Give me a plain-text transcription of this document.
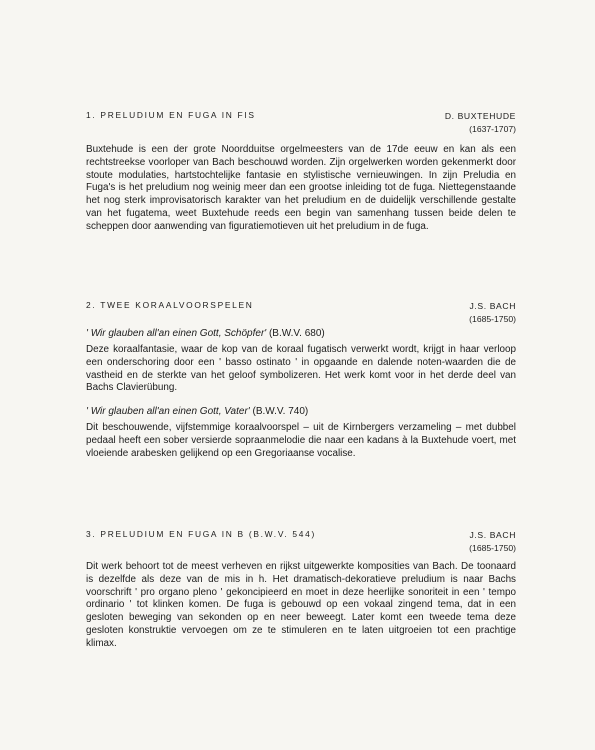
1. PRELUDIUM EN FUGA IN FIS	D. BUXTEHUDE
(1637-1707)

Buxtehude is een der grote Noordduitse orgelmeesters van de 17de eeuw en kan als een rechtstreekse voorloper van Bach beschouwd worden. Zijn orgelwerken worden gekenmerkt door stoute modulaties, hartstochtelijke fantasie en stylistische vernieuwingen. In zijn Preludia en Fuga's is het preludium nog weinig meer dan een grootse inleiding tot de fuga. Niettegenstaande het nog sterk improvisatorisch karakter van het preludium en de duidelijk verschillende gestalte van het fugatema, weet Buxtehude reeds een begin van samenhang tussen beide delen te scheppen door aanwending van figuratiemotieven uit het preludium in de fuga.

2. TWEE KORAALVOORSPELEN	J.S. BACH
(1685-1750)
' Wir glauben all'an einen Gott, Schöpfer' (B.W.V. 680)

Deze koraalfantasie, waar de kop van de koraal fugatisch verwerkt wordt, krijgt in haar verloop een onderschoring door een ' basso ostinato ' in opgaande en dalende noten-waarden die de vastheid en de sterkte van het geloof symbolizeren. Het werk komt voor in het derde deel van Bachs Clavierübung.

' Wir glauben all'an einen Gott, Vater' (B.W.V. 740)

Dit beschouwende, vijfstemmige koraalvoorspel – uit de Kirnbergers verzameling – met dubbel pedaal heeft een sober versierde sopraanmelodie die naar een kadans à la Buxtehude voert, met vloeiende arabesken gelijkend op een Gregoriaanse vocalise.

3. PRELUDIUM EN FUGA IN B (B.W.V. 544)	J.S. BACH
(1685-1750)

Dit werk behoort tot de meest verheven en rijkst uitgewerkte komposities van Bach. De toonaard is dezelfde als deze van de mis in h. Het dramatisch-dekoratieve preludium is naar Bachs voorschrift ' pro organo pleno ' gekoncipieerd en moet in deze heerlijke sonoriteit in een ' tempo ordinario ' tot klinken komen. De fuga is gebouwd op een vokaal zingend tema, dat in een gesloten beweging van sekonden op en neer beweegt. Later komt een tweede tema deze gesloten konstruktie vervoegen om ze te stimuleren en te laten uitgroeien tot een prachtige klimax.
